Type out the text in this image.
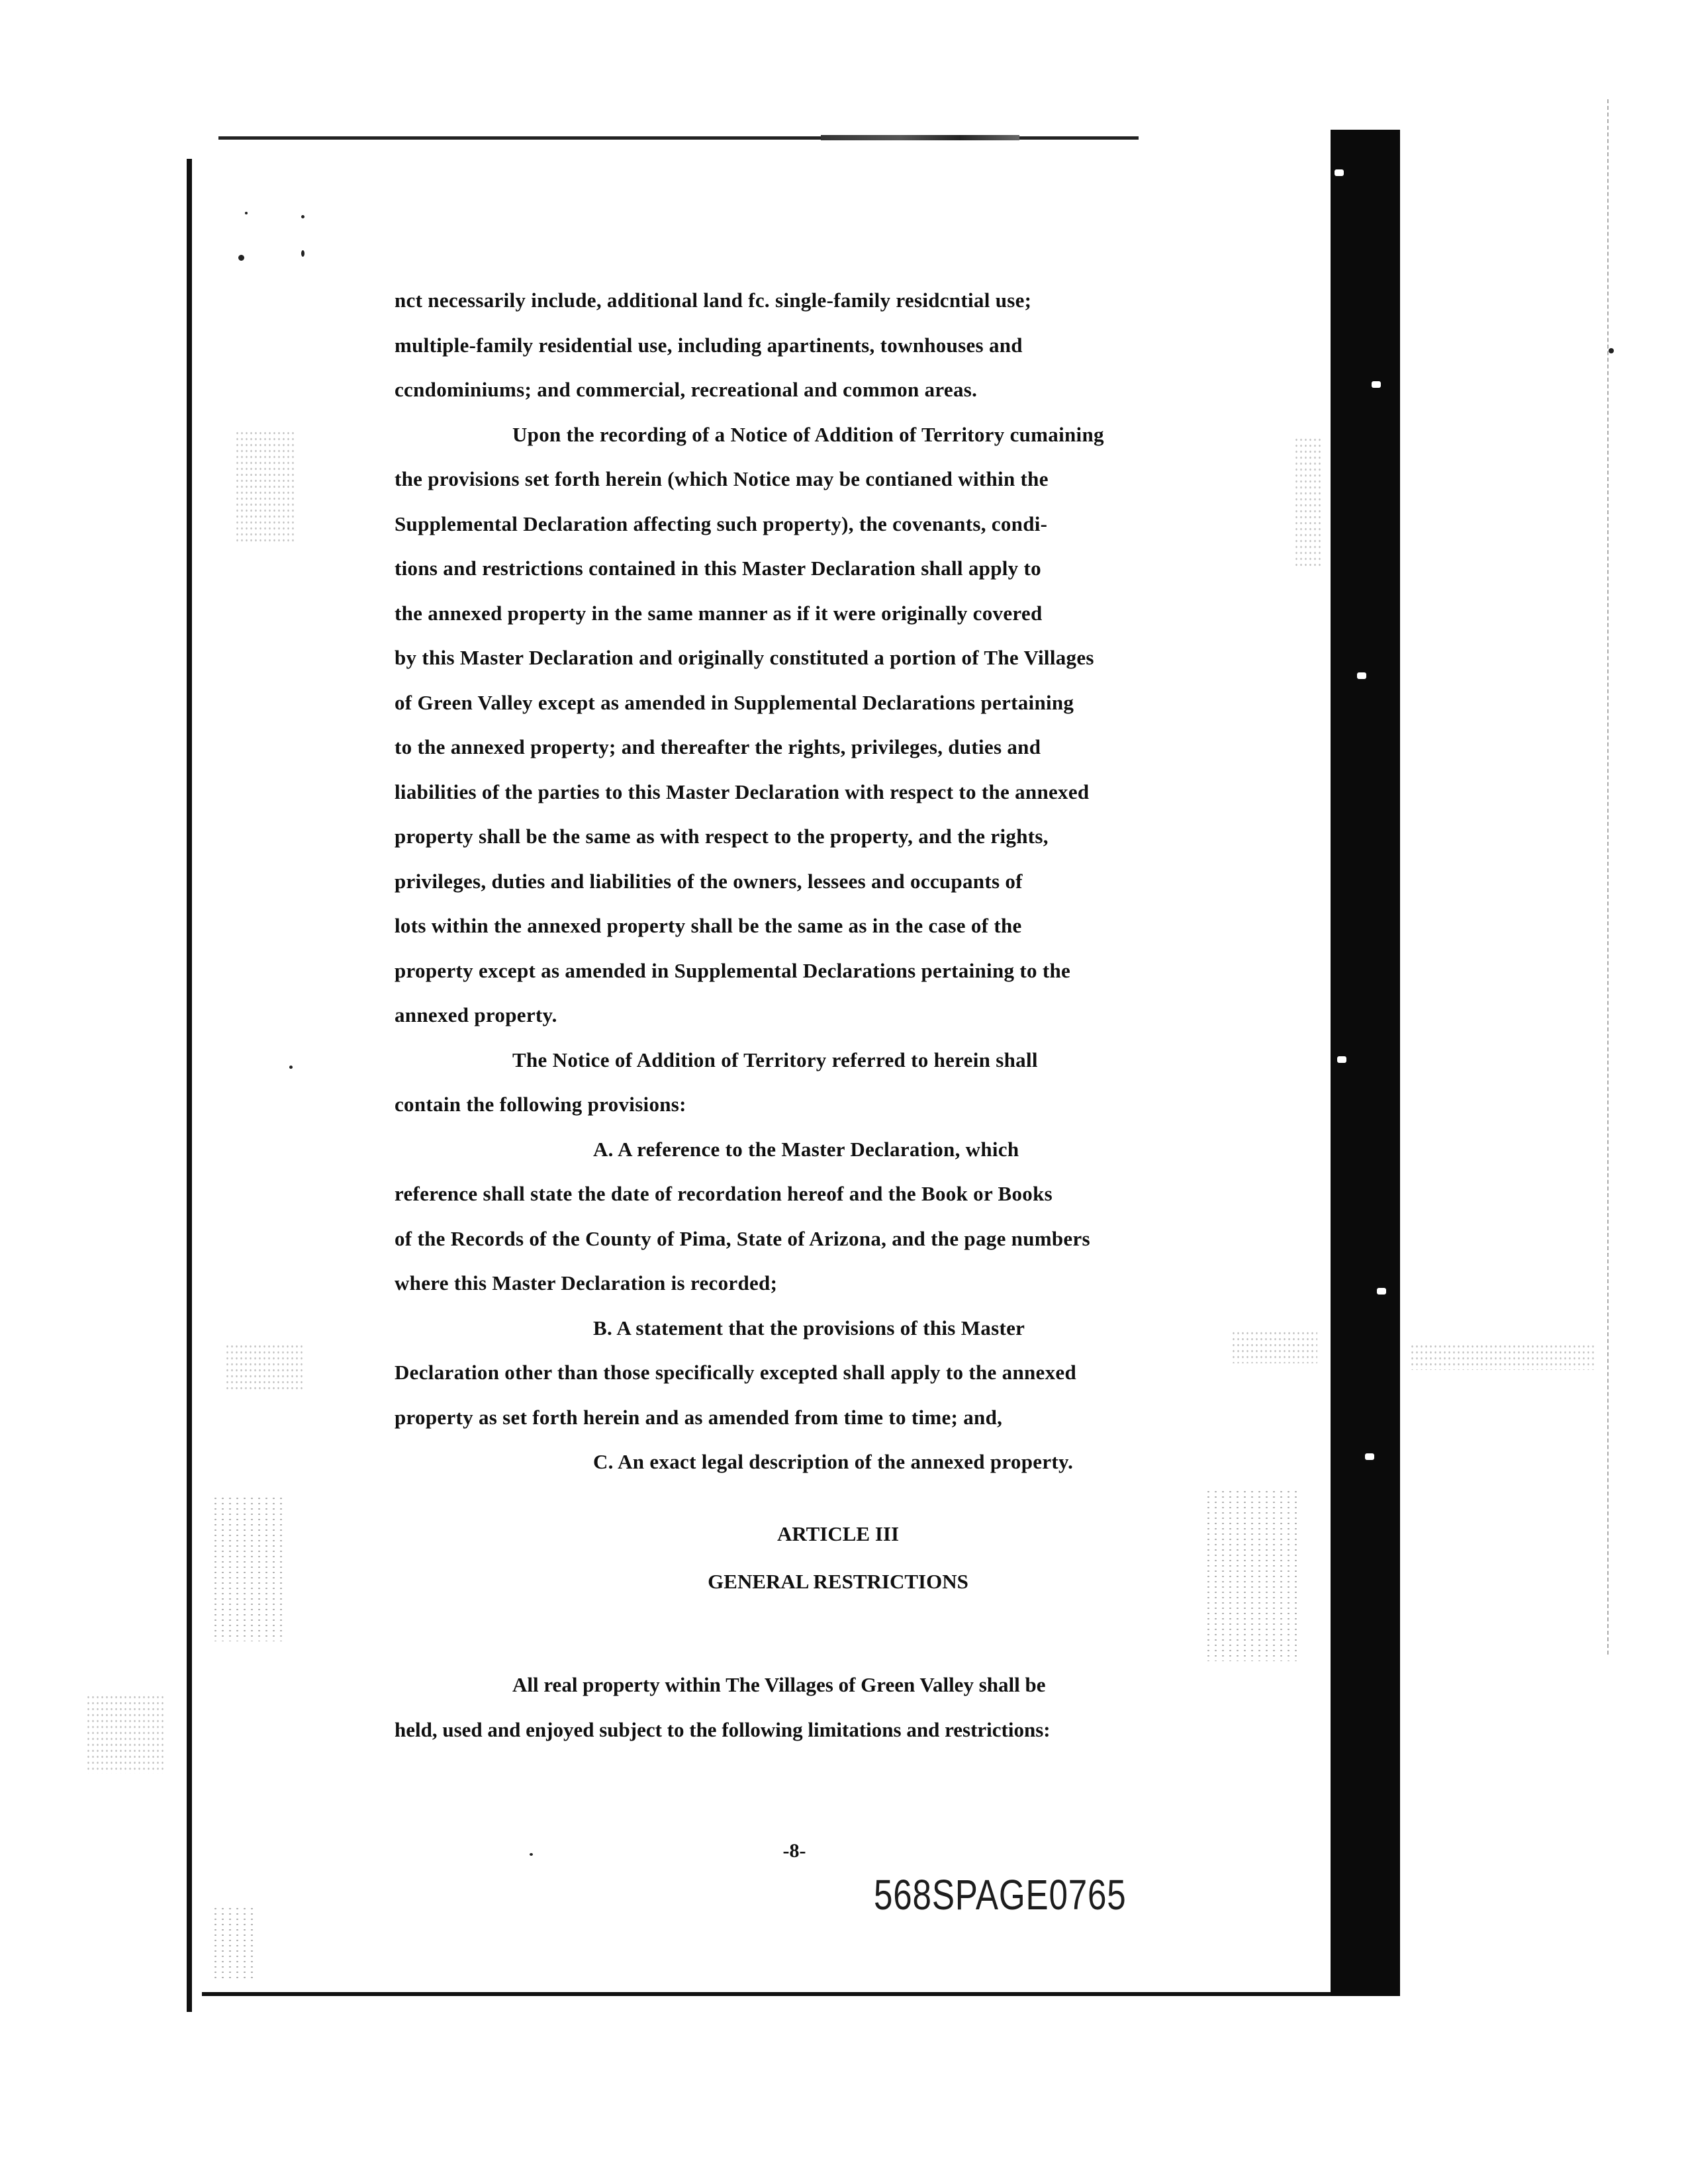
nct necessarily include, additional land fc. single-family residcntial use;
multiple-family residential use, including apartinents, townhouses and
ccndominiums; and commercial, recreational and common areas.
Upon the recording of a Notice of Addition of Territory cumaining
the provisions set forth herein (which Notice may be contianed within the
Supplemental Declaration affecting such property), the covenants, condi-
tions and restrictions contained in this Master Declaration shall apply to
the annexed property in the same manner as if it were originally covered
by this Master Declaration and originally constituted a portion of The Villages
of Green Valley except as amended in Supplemental Declarations pertaining
to the annexed property; and thereafter the rights, privileges, duties and
liabilities of the parties to this Master Declaration with respect to the annexed
property shall be the same as with respect to the property, and the rights,
privileges, duties and liabilities of the owners, lessees and occupants of
lots within the annexed property shall be the same as in the case of the
property except as amended in Supplemental Declarations pertaining to the
annexed property.
The Notice of Addition of Territory referred to herein shall
contain the following provisions:
A. A reference to the Master Declaration, which
reference shall state the date of recordation hereof and the Book or Books
of the Records of the County of Pima, State of Arizona, and the page numbers
where this Master Declaration is recorded;
B. A statement that the provisions of this Master
Declaration other than those specifically excepted shall apply to the annexed
property as set forth herein and as amended from time to time; and,
C. An exact legal description of the annexed property.
ARTICLE III
GENERAL RESTRICTIONS
All real property within The Villages of Green Valley shall be
held, used and enjoyed subject to the following limitations and restrictions:
-8-
568SPAGE0765
